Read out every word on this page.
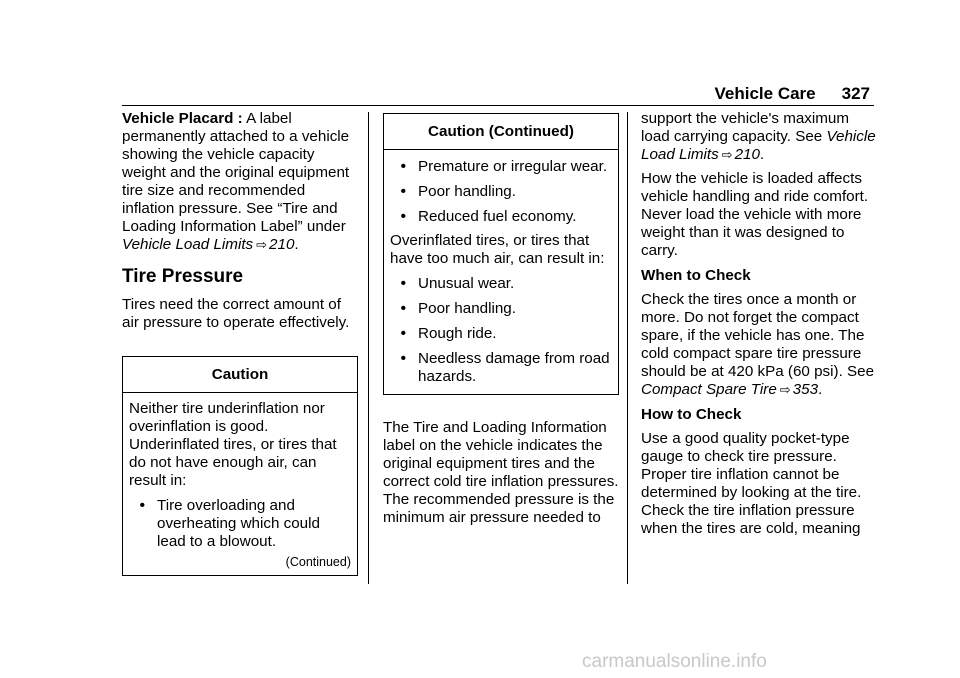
Vehicle Care 327

Vehicle Placard : A label permanently attached to a vehicle showing the vehicle capacity weight and the original equipment tire size and recommended inflation pressure. See “Tire and Loading Information Label” under Vehicle Load Limits ⇨ 210.

Tire Pressure

Tires need the correct amount of air pressure to operate effectively.

Caution

Neither tire underinflation nor overinflation is good. Underinflated tires, or tires that do not have enough air, can result in:

• Tire overloading and overheating which could lead to a blowout.
(Continued)
Caution (Continued)
• Premature or irregular wear.
• Poor handling.
• Reduced fuel economy.

Overinflated tires, or tires that have too much air, can result in:

• Unusual wear.
• Poor handling.
• Rough ride.
• Needless damage from road hazards.

The Tire and Loading Information label on the vehicle indicates the original equipment tires and the correct cold tire inflation pressures. The recommended pressure is the minimum air pressure needed to

support the vehicle's maximum load carrying capacity. See Vehicle Load Limits ⇨ 210.

How the vehicle is loaded affects vehicle handling and ride comfort. Never load the vehicle with more weight than it was designed to carry.

When to Check

Check the tires once a month or more. Do not forget the compact spare, if the vehicle has one. The cold compact spare tire pressure should be at 420 kPa (60 psi). See Compact Spare Tire ⇨ 353.

How to Check

Use a good quality pocket-type gauge to check tire pressure. Proper tire inflation cannot be determined by looking at the tire. Check the tire inflation pressure when the tires are cold, meaning

carmanualsonline.info
